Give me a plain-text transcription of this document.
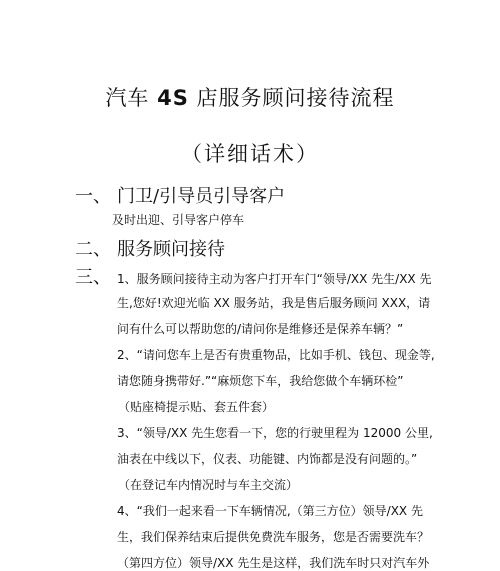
汽车 4S 店服务顾问接待流程
（详细话术）
一、 门卫/引导员引导客户
及时出迎、引导客户停车
二、 服务顾问接待
三、 1、服务顾问接待主动为客户打开车门“领导/XX 先生/XX 先
生,您好!欢迎光临 XX 服务站，我是售后服务顾问 XXX，请
问有什么可以帮助您的/请问你是维修还是保养车辆？”
2、“请问您车上是否有贵重物品，比如手机、钱包、现金等,
请您随身携带好.”“麻烦您下车，我给您做个车辆环检”
（贴座椅提示贴、套五件套）
3、“领导/XX 先生您看一下，您的行驶里程为 12000 公里,
油表在中线以下，仪表、功能键、内饰都是没有问题的。”
（在登记车内情况时与车主交流）
4、“我们一起来看一下车辆情况,（第三方位）领导/XX 先
生，我们保养结束后提供免费洗车服务，您是否需要洗车？
（第四方位）领导/XX 先生是这样，我们洗车时只对汽车外
